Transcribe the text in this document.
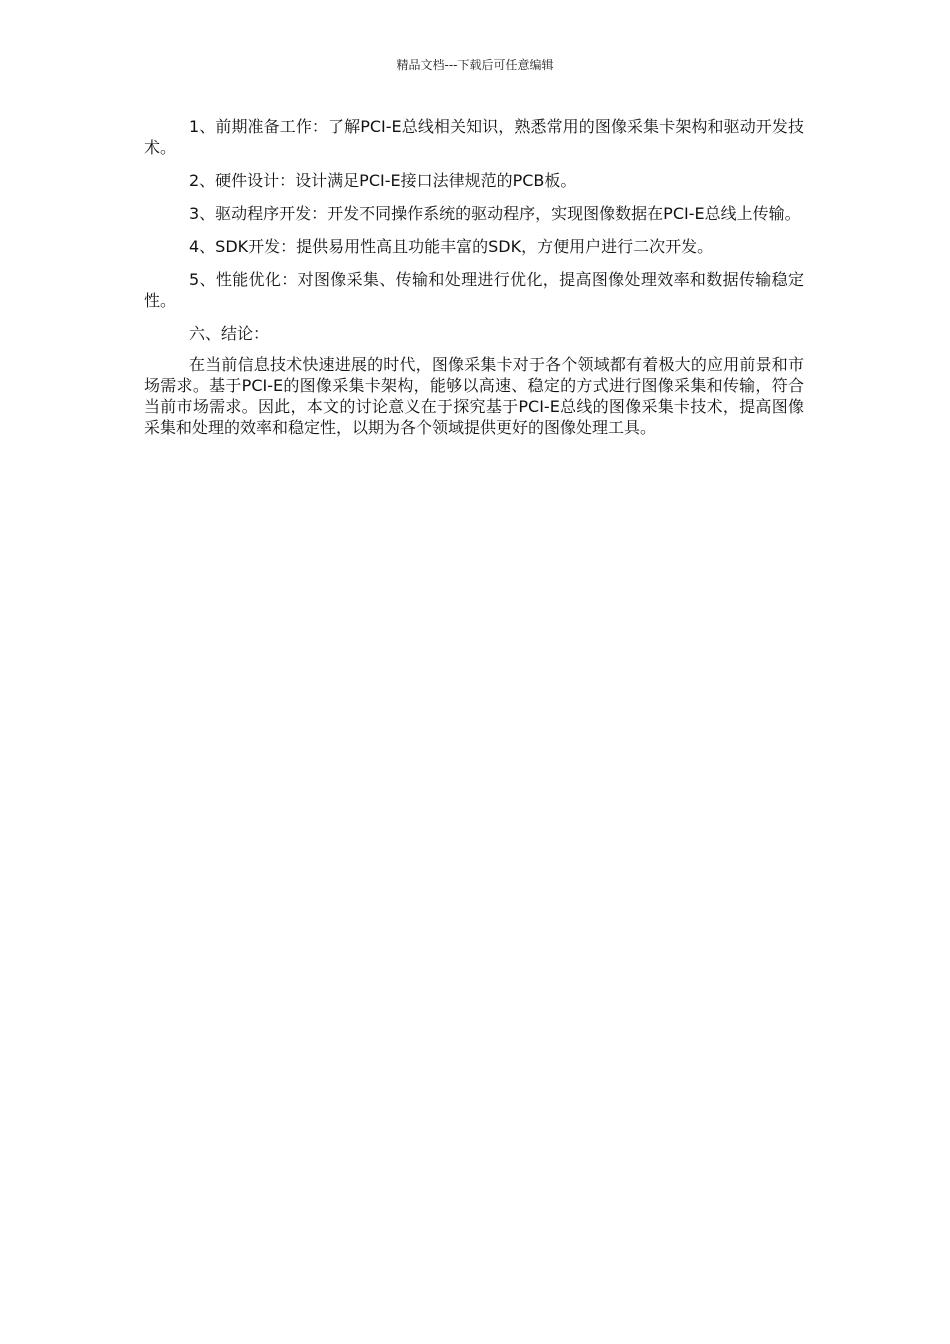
精品文档---下载后可任意编辑

1、前期准备工作：了解PCI-E总线相关知识，熟悉常用的图像采集卡架构和驱动开发技术。

2、硬件设计：设计满足PCI-E接口法律规范的PCB板。

3、驱动程序开发：开发不同操作系统的驱动程序，实现图像数据在PCI-E总线上传输。

4、SDK开发：提供易用性高且功能丰富的SDK，方便用户进行二次开发。

5、性能优化：对图像采集、传输和处理进行优化，提高图像处理效率和数据传输稳定性。

六、结论：

在当前信息技术快速进展的时代，图像采集卡对于各个领域都有着极大的应用前景和市场需求。基于PCI-E的图像采集卡架构，能够以高速、稳定的方式进行图像采集和传输，符合当前市场需求。因此，本文的讨论意义在于探究基于PCI-E总线的图像采集卡技术，提高图像采集和处理的效率和稳定性，以期为各个领域提供更好的图像处理工具。
